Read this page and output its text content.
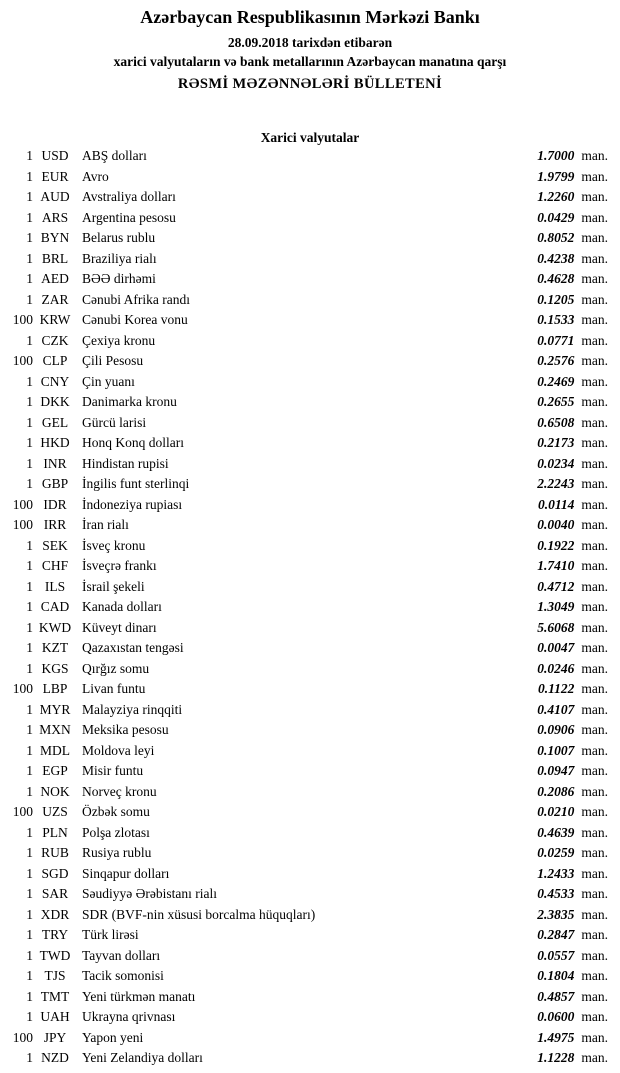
Azərbaycan Respublikasının Mərkəzi Bankı

28.09.2018 tarixdən etibarən

xarici valyutaların və bank metallarının Azərbaycan manatına qarşı

RƏSMİ MƏZƏNNƏLƏRİ BÜLLETENİ

Xarici valyutalar
1 USD	ABŞ dolları	1.7000 man.
1 EUR	Avro	1.9799 man.
1 AUD Avstraliya dolları	1.2260 man.
1 ARS	Argentina pesosu	0.0429 man.
1 BYN Belarus rublu	0.8052 man.
1 BRL	Braziliya rialı	0.4238 man.
1 AED BƏƏ dirhəmi	0.4628 man.
1 ZAR	Cənubi Afrika randı	0.1205 man.
100 KRW Cənubi Korea vonu	0.1533 man.
1 CZK	Çexiya kronu	0.0771 man.
100 CLP	Çili Pesosu	0.2576 man.
1 CNY Çin yuanı	0.2469 man.
1 DKK Danimarka kronu	0.2655 man.
1 GEL	Gürcü larisi	0.6508 man.
1 HKD Honq Konq dolları	0.2173 man.
1 INR	Hindistan rupisi	0.0234 man.
1 GBP	İngilis funt sterlinqi	2.2243 man.
100 IDR	İndoneziya rupiası	0.0114 man.
100 IRR	İran rialı	0.0040 man.
1 SEK	İsveç kronu	0.1922 man.
1 CHF	İsveçrə frankı	1.7410 man.
1 ILS	İsrail şekeli	0.4712 man.
1 CAD Kanada dolları	1.3049 man.
1 KWD Küveyt dinarı	5.6068 man.
1 KZT	Qazaxıstan tengəsi	0.0047 man.
1 KGS	Qırğız somu	0.0246 man.
100 LBP	Livan funtu	0.1122 man.
1 MYR Malayziya rinqqiti	0.4107 man.
1 MXN Meksika pesosu	0.0906 man.
1 MDL Moldova leyi	0.1007 man.
1 EGP	Misir funtu	0.0947 man.
1 NOK Norveç kronu	0.2086 man.
100 UZS	Özbək somu	0.0210 man.
1 PLN	Polşa zlotası	0.4639 man.
1 RUB Rusiya rublu	0.0259 man.
1 SGD	Sinqapur dolları	1.2433 man.
1 SAR	Səudiyyə Ərəbistanı rialı	0.4533 man.
1 XDR SDR (BVF-nin xüsusi borcalma hüquqları)	2.3835 man.
1 TRY	Türk lirəsi	0.2847 man.
1 TWD Tayvan dolları	0.0557 man.
1 TJS	Tacik somonisi	0.1804 man.
1 TMT Yeni türkmən manatı	0.4857 man.
1 UAH Ukrayna qrivnası	0.0600 man.
100 JPY	Yapon yeni	1.4975 man.
1 NZD Yeni Zelandiya dolları	1.1228 man.
